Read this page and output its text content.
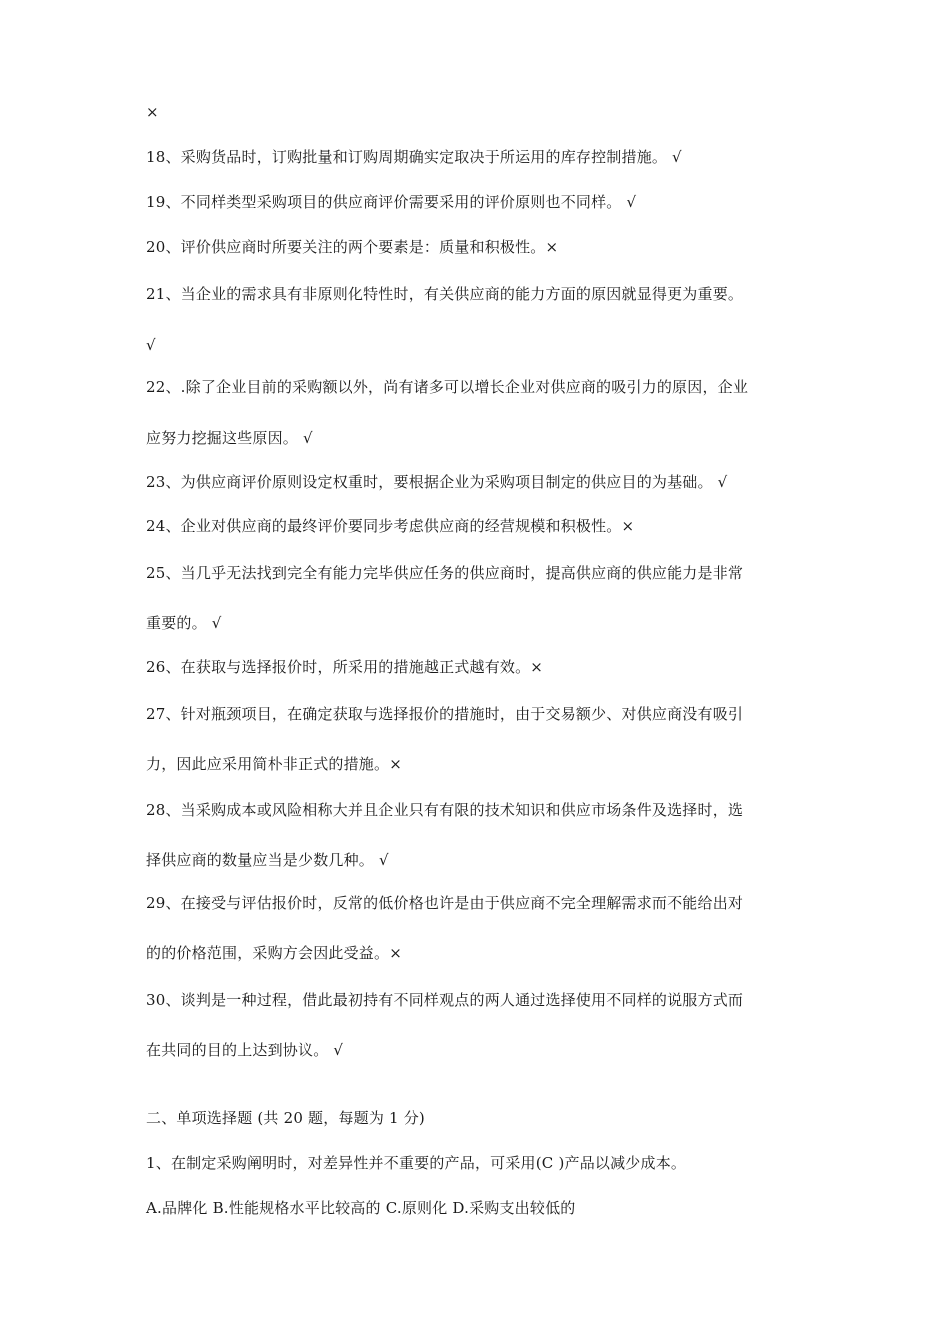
×
18、采购货品时，订购批量和订购周期确实定取决于所运用的库存控制措施。 √
19、不同样类型采购项目的供应商评价需要采用的评价原则也不同样。 √
20、评价供应商时所要关注的两个要素是：质量和积极性。×
21、当企业的需求具有非原则化特性时，有关供应商的能力方面的原因就显得更为重要。
√
22、.除了企业目前的采购额以外，尚有诸多可以增长企业对供应商的吸引力的原因，企业
应努力挖掘这些原因。 √
23、为供应商评价原则设定权重时，要根据企业为采购项目制定的供应目的为基础。 √
24、企业对供应商的最终评价要同步考虑供应商的经营规模和积极性。×
25、当几乎无法找到完全有能力完毕供应任务的供应商时，提高供应商的供应能力是非常
重要的。 √
26、在获取与选择报价时，所采用的措施越正式越有效。×
27、针对瓶颈项目，在确定获取与选择报价的措施时，由于交易额少、对供应商没有吸引
力，因此应采用简朴非正式的措施。×
28、当采购成本或风险相称大并且企业只有有限的技术知识和供应市场条件及选择时，选
择供应商的数量应当是少数几种。 √
29、在接受与评估报价时，反常的低价格也许是由于供应商不完全理解需求而不能给出对
的的价格范围，采购方会因此受益。×
30、谈判是一种过程，借此最初持有不同样观点的两人通过选择使用不同样的说服方式而
在共同的目的上达到协议。 √
二、单项选择题 (共 20 题，每题为 1 分)
1、在制定采购阐明时，对差异性并不重要的产品，可采用(C )产品以减少成本。
A.品牌化 B.性能规格水平比较高的 C.原则化 D.采购支出较低的
